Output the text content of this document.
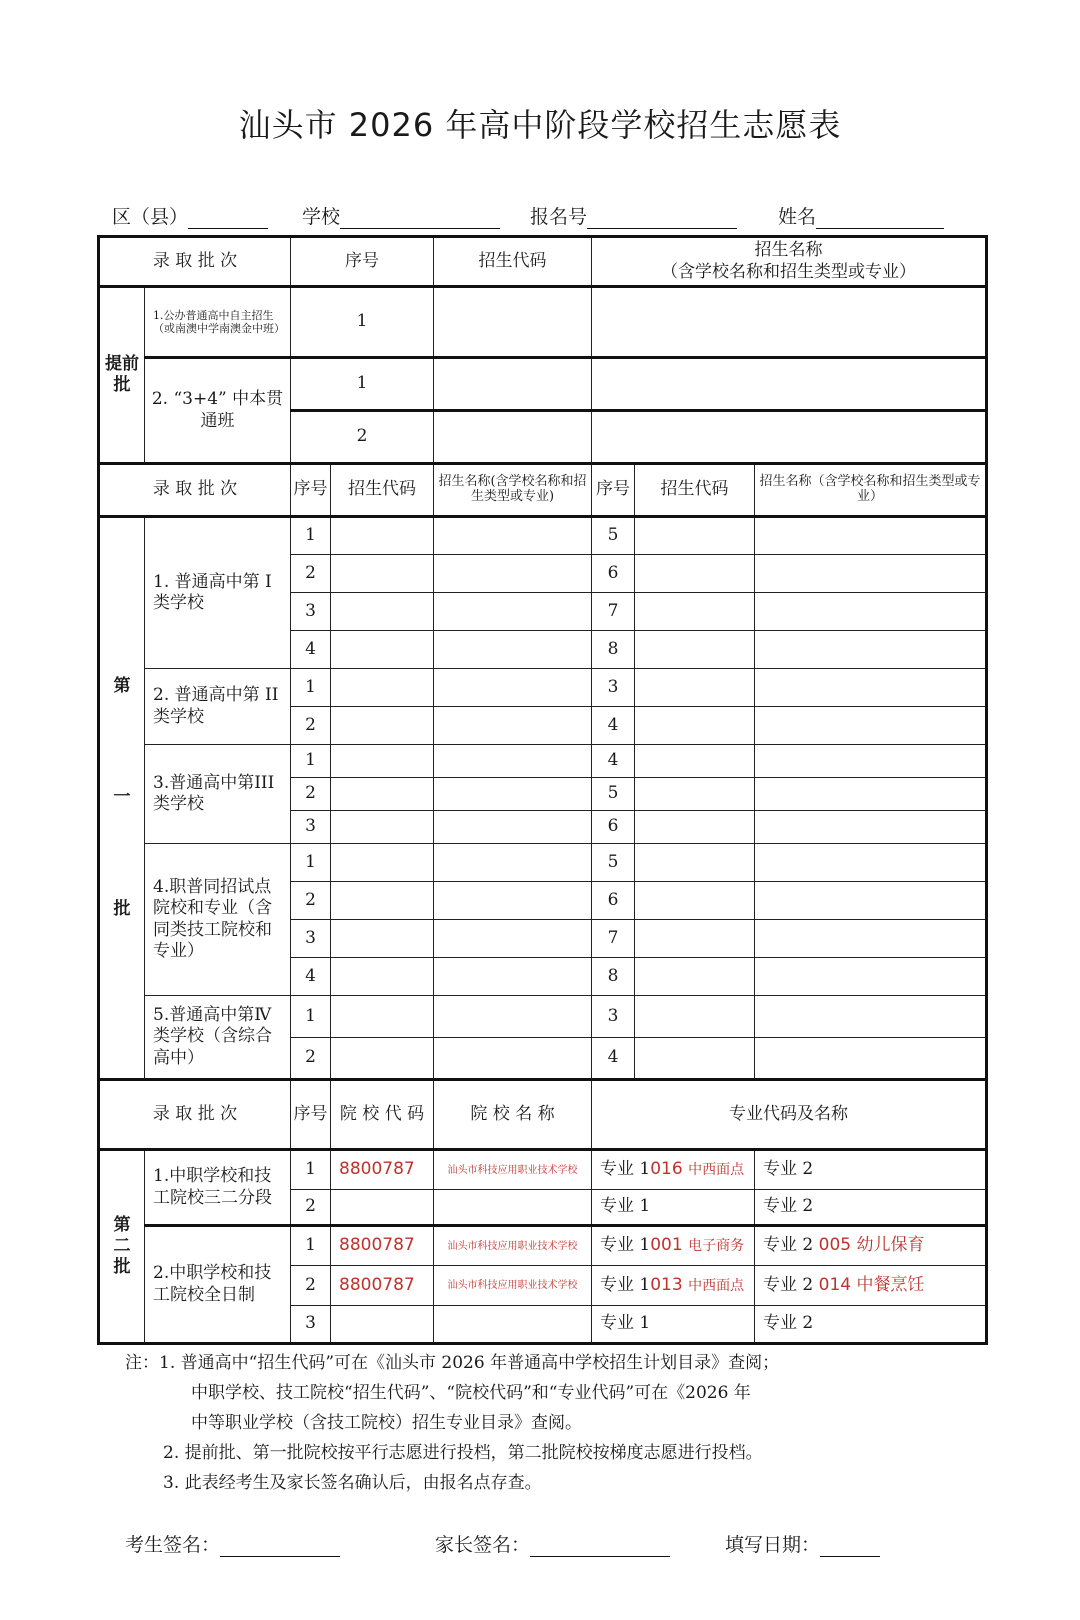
汕头市 2026 年高中阶段学校招生志愿表
区（县）	学校	报名号	姓名
录 取 批 次		序号		招生代码	招生名称
（含学校名称和招生类型或专业）		

提前批	1.公办普通高中自主招生（或南澳中学南澳金中班）	1					
	2. “3+4” 中本贯通班	1					
		2					
录 取 批 次		序号	招生代码	招生名称(含学校名称和招生类型或专业)	序号	招生代码	招生名称（含学校名称和招生类型或专业）

第
一
批	1. 普通高中第 I 类学校	1			5		
		2			6		
		3			7		
		4			8		
	2. 普通高中第 II 类学校	1			3		
		2			4		
	3.普通高中第III类学校	1			4		
		2			5		
		3			6		
	4.职普同招试点院校和专业（含同类技工院校和专业）	1			5		
		2			6		
		3			7		
		4			8		
	5.普通高中第Ⅳ类学校（含综合高中）	1			3		
		2			4		
录 取 批 次		序号	院 校 代 码	院 校 名 称	专业代码及名称		

第
二
批	1.中职学校和技工院校三二分段	1	8800787	汕头市科技应用职业技术学校	专业 1016 中西面点		专业 2
		2			专业 1		专业 2
	2.中职学校和技工院校全日制	1	8800787	汕头市科技应用职业技术学校	专业 1001 电子商务		专业 2 005 幼儿保育
		2	8800787	汕头市科技应用职业技术学校	专业 1013 中西面点		专业 2 014 中餐烹饪
		3			专业 1		专业 2
注：1. 普通高中“招生代码”可在《汕头市 2026 年普通高中学校招生计划目录》查阅；
中职学校、技工院校“招生代码”、“院校代码”和“专业代码”可在《2026 年
中等职业学校（含技工院校）招生专业目录》查阅。
2. 提前批、第一批院校按平行志愿进行投档，第二批院校按梯度志愿进行投档。
3. 此表经考生及家长签名确认后，由报名点存查。
考生签名：	家长签名：	填写日期：
